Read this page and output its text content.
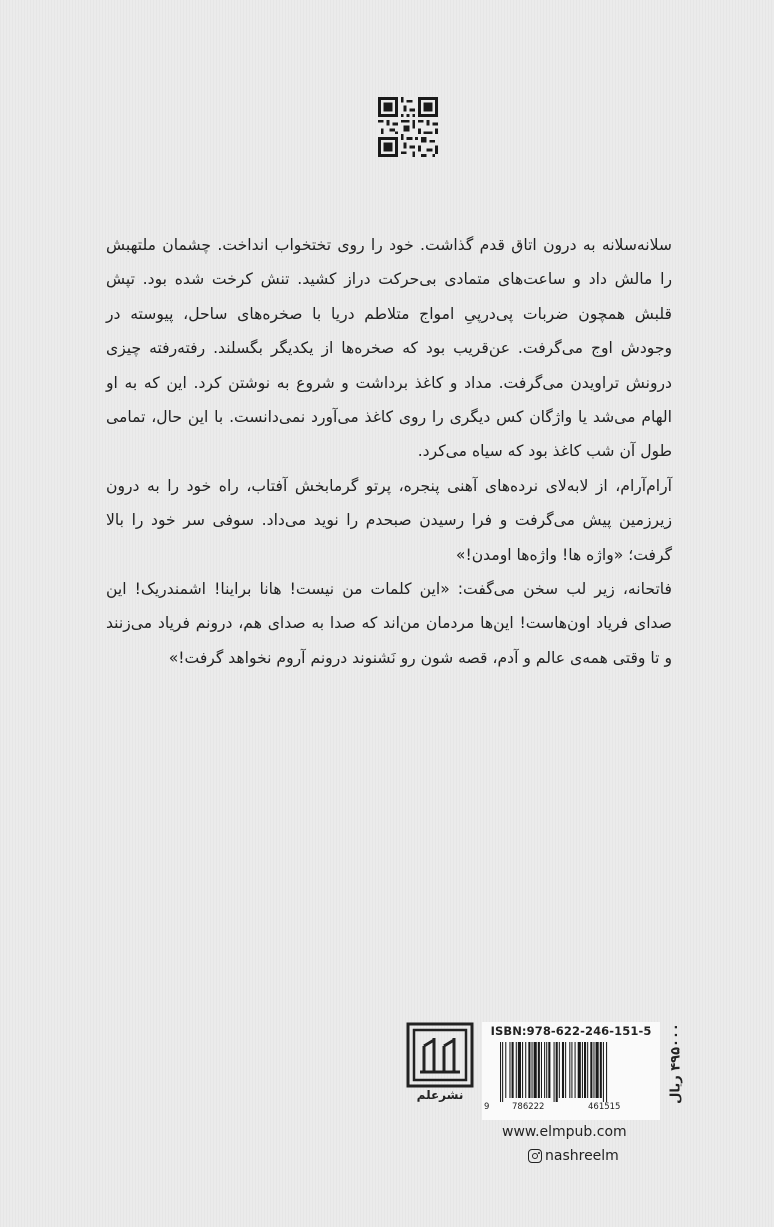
سلانه‌سلانه به درون اتاق قدم گذاشت. خود را روی تختخواب انداخت. چشمان ملتهبش را مالش داد و ساعت‌های متمادی بی‌حرکت دراز کشید. تنش کرخت شده بود. تپش قلبش همچون ضربات پی‌درپیِ امواج متلاطم دریا با صخره‌های ساحل، پیوسته در وجودش اوج می‌گرفت. عن‌قریب بود که صخره‌ها از یکدیگر بگسلند. رفته‌رفته چیزی درونش تراویدن می‌گرفت. مداد و کاغذ برداشت و شروع به نوشتن کرد. این که به او الهام می‌شد یا واژگان کس دیگری را روی کاغذ می‌آورد نمی‌دانست. با این حال، تمامی طول آن شب کاغذ بود که سیاه می‌کرد.

آرام‌آرام، از لابه‌لای نرده‌های آهنی پنجره، پرتو گرمابخش آفتاب، راه خود را به درون زیرزمین پیش می‌گرفت و فرا رسیدن صبحدم را نوید می‌داد. سوفی سر خود را بالا گرفت؛ «واژه ها! واژه‌ها اومدن!»

فاتحانه، زیر لب سخن می‌گفت: «این کلمات من نیست! هانا براینا! اشمندریک! این صدای فریاد اون‌هاست! این‌ها مردمان من‌اند که صدا به صدای هم، درونم فریاد می‌زنند و تا وقتی همه‌ی عالم و آدم، قصه شون رو نَشنوند درونم آروم نخواهد گرفت!»

نشرعلم
ISBN:978-622-246-151-5
9	786222	461515
۴۹۵۰۰۰ ریال
www.elmpub.com
nashreelm
